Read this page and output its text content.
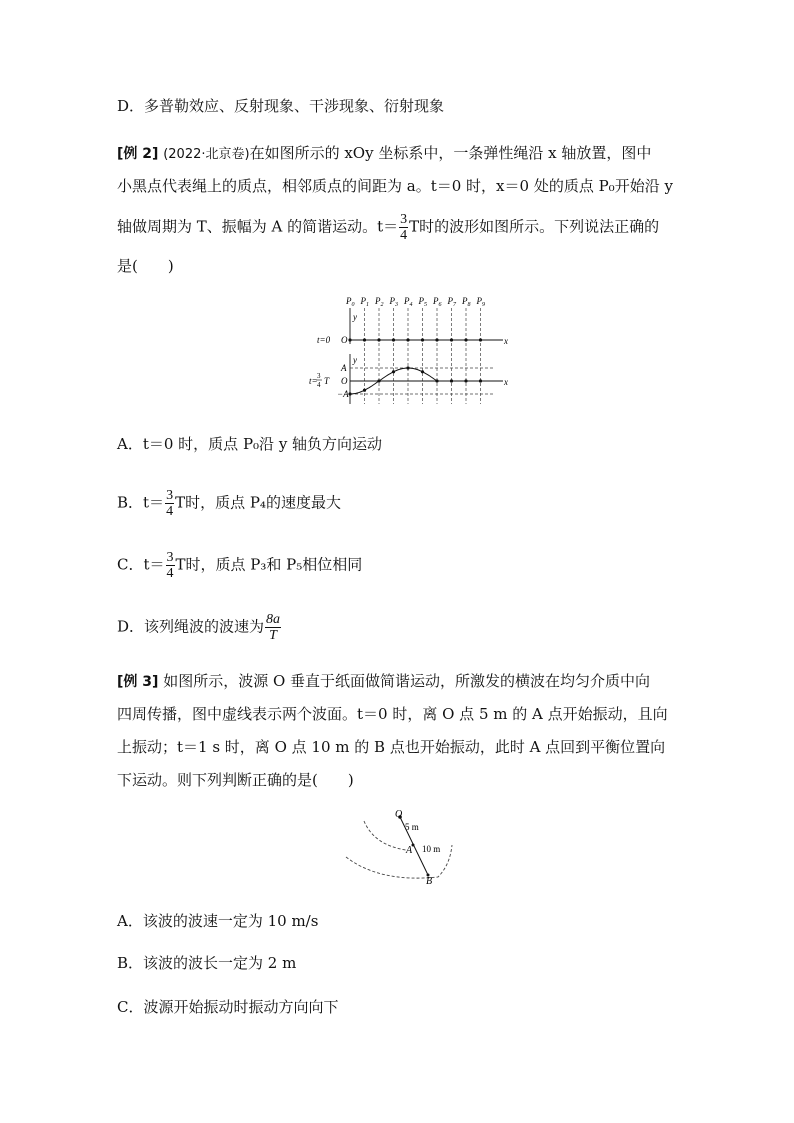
D．多普勒效应、反射现象、干涉现象、衍射现象
[例 2] (2022·北京卷)在如图所示的 xOy 坐标系中，一条弹性绳沿 x 轴放置，图中
小黑点代表绳上的质点，相邻质点的间距为 a。t＝0 时，x＝0 处的质点 P₀开始沿 y
轴做周期为 T、振幅为 A 的简谐运动。$t= \frac{3}{4}$ T时的波形如图所示。下列说法正确的
是(　　)
$P_0$ $P_1$ $P_2$ $P_3$ $P_4$ $P_5$ $P_6$ $P_7$ $P_8$ $P_9$
y
y
x
t=0 O
x
O
A
−A
t= 3
4 T
A．t＝0 时，质点 P₀沿 y 轴负方向运动
B．$t= \frac{3}{4}$ T时，质点 P₄的速度最大
C．$t= \frac{3}{4}$ T时，质点 P₃和 P₅相位相同
D．该列绳波的波速为 $\frac{8a}{T}$
[例 3] 如图所示，波源 O 垂直于纸面做简谐运动，所激发的横波在均匀介质中向
四周传播，图中虚线表示两个波面。t＝0 时，离 O 点 5 m 的 A 点开始振动，且向
上振动；t＝1 s 时，离 O 点 10 m 的 B 点也开始振动，此时 A 点回到平衡位置向
下运动。则下列判断正确的是(　　)
O
A
B
5 m
10 m
A．该波的波速一定为 10 m/s
B．该波的波长一定为 2 m
C．波源开始振动时振动方向向下
